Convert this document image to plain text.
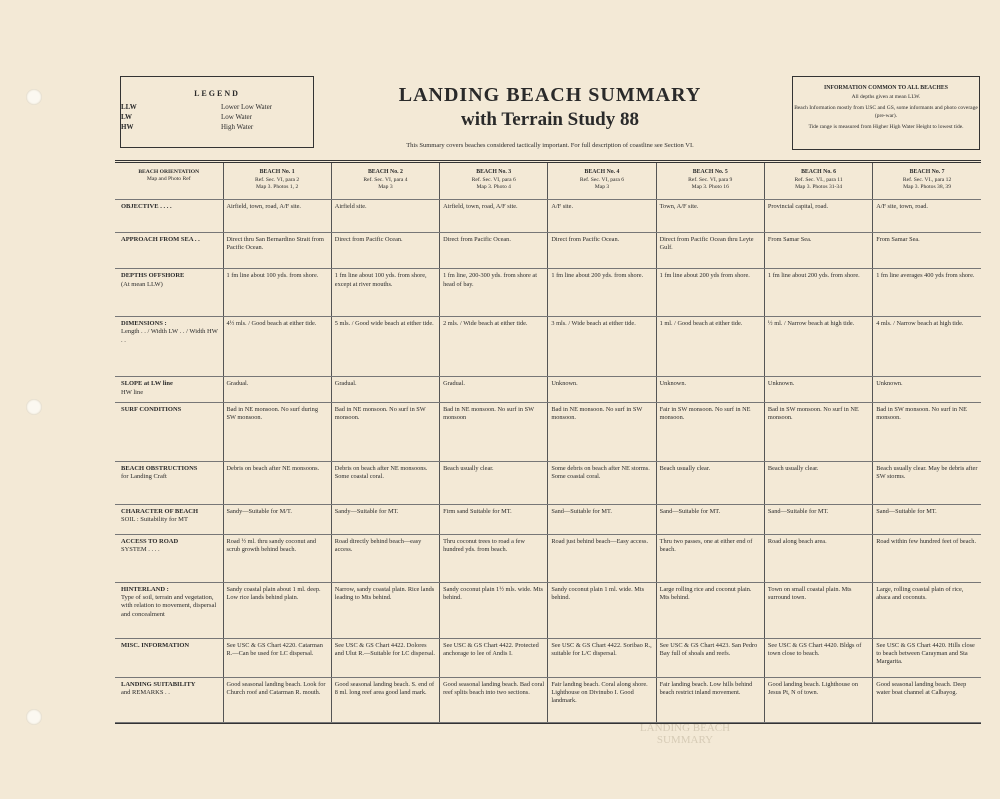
LEGEND
LLW	Lower Low Water
LW	Low Water
HW	High Water
LANDING BEACH SUMMARY
with Terrain Study 88
This Summary covers beaches considered tactically important. For full description of coastline see Section VI.
INFORMATION COMMON TO ALL BEACHES
All depths given at mean LLW.
Beach Information mostly from USC and GS, some informants and photo coverage (pre-war).
Tide range is measured from Higher High Water Height to lowest tide.
BEACH ORIENTATION
Map and Photo Ref	BEACH No. 1
Ref. Sec. VI, para 2
Map 3. Photos 1, 2	BEACH No. 2
Ref. Sec. VI, para 4
Map 3	BEACH No. 3
Ref. Sec. VI, para 6
Map 3. Photo 4	BEACH No. 4
Ref. Sec. VI, para 6
Map 3	BEACH No. 5
Ref. Sec. VI, para 9
Map 3. Photo 16	BEACH No. 6
Ref. Sec. VI., para 11
Map 3. Photos 31-34	BEACH No. 7
Ref. Sec. VI., para 12
Map 3. Photos 38, 39

OBJECTIVE . . . .	Airfield, town, road, A/F site.	Airfield site.	Airfield, town, road, A/F site.	A/F site.	Town, A/F site.	Provincial capital, road.	A/F site, town, road.
APPROACH FROM SEA . .	Direct thru San Bernardino Strait from Pacific Ocean.	Direct from Pacific Ocean.	Direct from Pacific Ocean.	Direct from Pacific Ocean.	Direct from Pacific Ocean thru Leyte Gulf.	From Samar Sea.	From Samar Sea.
DEPTHS OFFSHORE
(At mean LLW)	1 fm line about 100 yds. from shore.	1 fm line about 100 yds. from shore, except at river mouths.	1 fm line, 200-300 yds. from shore at head of bay.	1 fm line about 200 yds. from shore.	1 fm line about 200 yds from shore.	1 fm line about 200 yds. from shore.	1 fm line averages 400 yds from shore.
DIMENSIONS :
Length . . / Width LW . . / Width HW . .	4½ mls. / Good beach at either tide.	5 mls. / Good wide beach at either tide.	2 mls. / Wide beach at either tide.	3 mls. / Wide beach at either tide.	1 ml. / Good beach at either tide.	½ ml. / Narrow beach at high tide.	4 mls. / Narrow beach at high tide.
SLOPE at LW line
HW line	Gradual.	Gradual.	Gradual.	Unknown.	Unknown.	Unknown.	Unknown.
SURF CONDITIONS	Bad in NE monsoon. No surf during SW monsoon.	Bad in NE monsoon. No surf in SW monsoon.	Bad in NE monsoon. No surf in SW monsoon	Bad in NE monsoon. No surf in SW monsoon.	Fair in SW monsoon. No surf in NE monsoon.	Bad in SW monsoon. No surf in NE monsoon.	Bad in SW monsoon. No surf in NE monsoon.
BEACH OBSTRUCTIONS
for Landing Craft	Debris on beach after NE monsoons.	Debris on beach after NE monsoons. Some coastal coral.	Beach usually clear.	Some debris on beach after NE storms. Some coastal coral.	Beach usually clear.	Beach usually clear.	Beach usually clear. May be debris after SW storms.
CHARACTER OF BEACH
SOIL : Suitability for MT	Sandy—Suitable for M/T.	Sandy—Suitable for MT.	Firm sand Suitable for MT.	Sand—Suitable for MT.	Sand—Suitable for MT.	Sand—Suitable for MT.	Sand—Suitable for MT.
ACCESS TO ROAD
SYSTEM . . . .	Road ½ ml. thru sandy coconut and scrub growth behind beach.	Road directly behind beach—easy access.	Thru coconut trees to road a few hundred yds. from beach.	Road just behind beach—Easy access.	Thru two passes, one at either end of beach.	Road along beach area.	Road within few hundred feet of beach.
HINTERLAND :
Type of soil, terrain and vegetation, with relation to movement, dispersal and concealment	Sandy coastal plain about 1 ml. deep. Low rice lands behind plain.	Narrow, sandy coastal plain. Rice lands leading to Mts behind.	Sandy coconut plain 1½ mls. wide. Mts behind.	Sandy coconut plain 1 ml. wide. Mts behind.	Large rolling rice and coconut plain. Mts behind.	Town on small coastal plain. Mts surround town.	Large, rolling coastal plain of rice, abaca and coconuts.
MISC. INFORMATION	See USC & GS Chart 4220. Catarman R.—Can be used for LC dispersal.	See USC & GS Chart 4422. Dolores and Ulut R.—Suitable for LC dispersal.	See USC & GS Chart 4422. Protected anchorage to lee of Andis I.	See USC & GS Chart 4422. Soribao R., suitable for L/C dispersal.	See USC & GS Chart 4423. San Pedro Bay full of shoals and reefs.	See USC & GS Chart 4420. Bldgs of town close to beach.	See USC & GS Chart 4420. Hills close to beach between Carayman and Sta Margarita.
LANDING SUITABILITY
and REMARKS . .	Good seasonal landing beach. Look for Church roof and Catarman R. mouth.	Good seasonal landing beach. S. end of 8 ml. long reef area good land mark.	Good seasonal landing beach. Bad coral reef splits beach into two sections.	Fair landing beach. Coral along shore. Lighthouse on Divinubo I. Good landmark.	Fair landing beach. Low hills behind beach restrict inland movement.	Good landing beach. Lighthouse on Jesus Pt, N of town.	Good seasonal landing beach. Deep water boat channel at Calbayog.
LANDING BEACH SUMMARY
